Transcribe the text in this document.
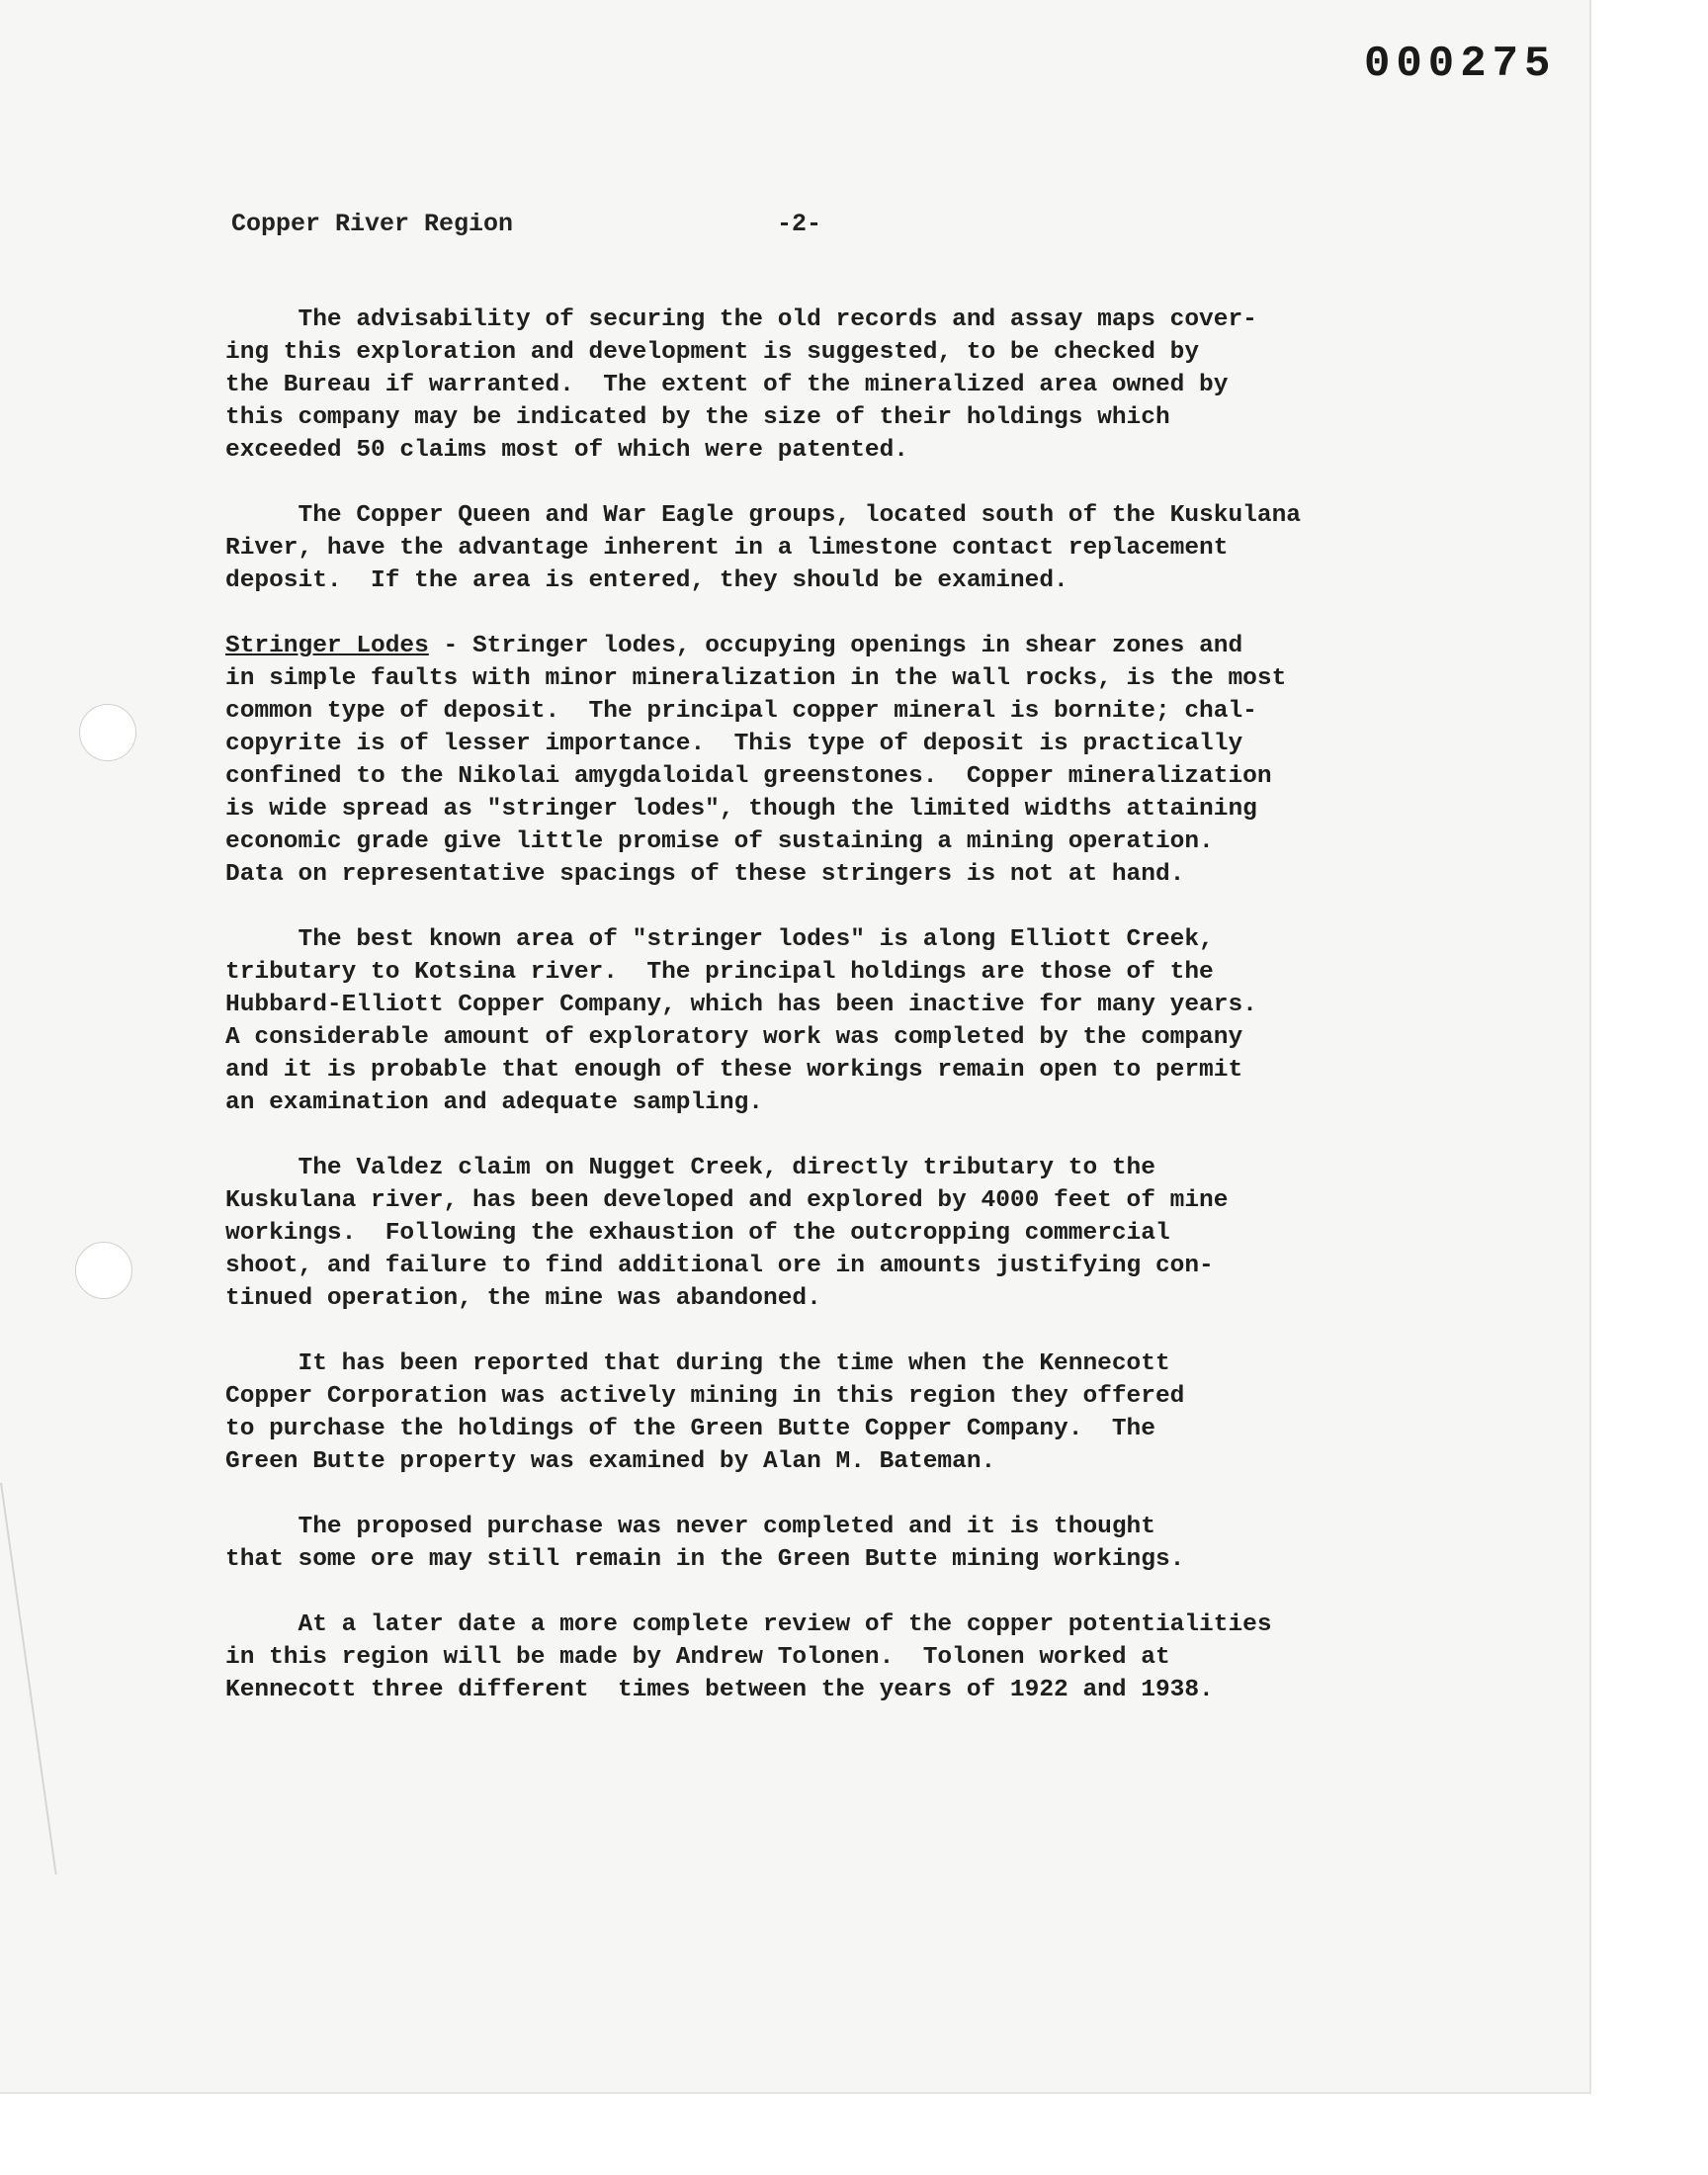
000275
Copper River Region	-2-
The advisability of securing the old records and assay maps cover-
ing this exploration and development is suggested, to be checked by
the Bureau if warranted.  The extent of the mineralized area owned by
this company may be indicated by the size of their holdings which
exceeded 50 claims most of which were patented.
The Copper Queen and War Eagle groups, located south of the Kuskulana
River, have the advantage inherent in a limestone contact replacement
deposit.  If the area is entered, they should be examined.
Stringer Lodes - Stringer lodes, occupying openings in shear zones and
in simple faults with minor mineralization in the wall rocks, is the most
common type of deposit.  The principal copper mineral is bornite; chal-
copyrite is of lesser importance.  This type of deposit is practically
confined to the Nikolai amygdaloidal greenstones.  Copper mineralization
is wide spread as "stringer lodes", though the limited widths attaining
economic grade give little promise of sustaining a mining operation.
Data on representative spacings of these stringers is not at hand.
The best known area of "stringer lodes" is along Elliott Creek,
tributary to Kotsina river.  The principal holdings are those of the
Hubbard-Elliott Copper Company, which has been inactive for many years.
A considerable amount of exploratory work was completed by the company
and it is probable that enough of these workings remain open to permit
an examination and adequate sampling.
The Valdez claim on Nugget Creek, directly tributary to the
Kuskulana river, has been developed and explored by 4000 feet of mine
workings.  Following the exhaustion of the outcropping commercial
shoot, and failure to find additional ore in amounts justifying con-
tinued operation, the mine was abandoned.
It has been reported that during the time when the Kennecott
Copper Corporation was actively mining in this region they offered
to purchase the holdings of the Green Butte Copper Company.  The
Green Butte property was examined by Alan M. Bateman.
The proposed purchase was never completed and it is thought
that some ore may still remain in the Green Butte mining workings.
At a later date a more complete review of the copper potentialities
in this region will be made by Andrew Tolonen.  Tolonen worked at
Kennecott three different  times between the years of 1922 and 1938.
